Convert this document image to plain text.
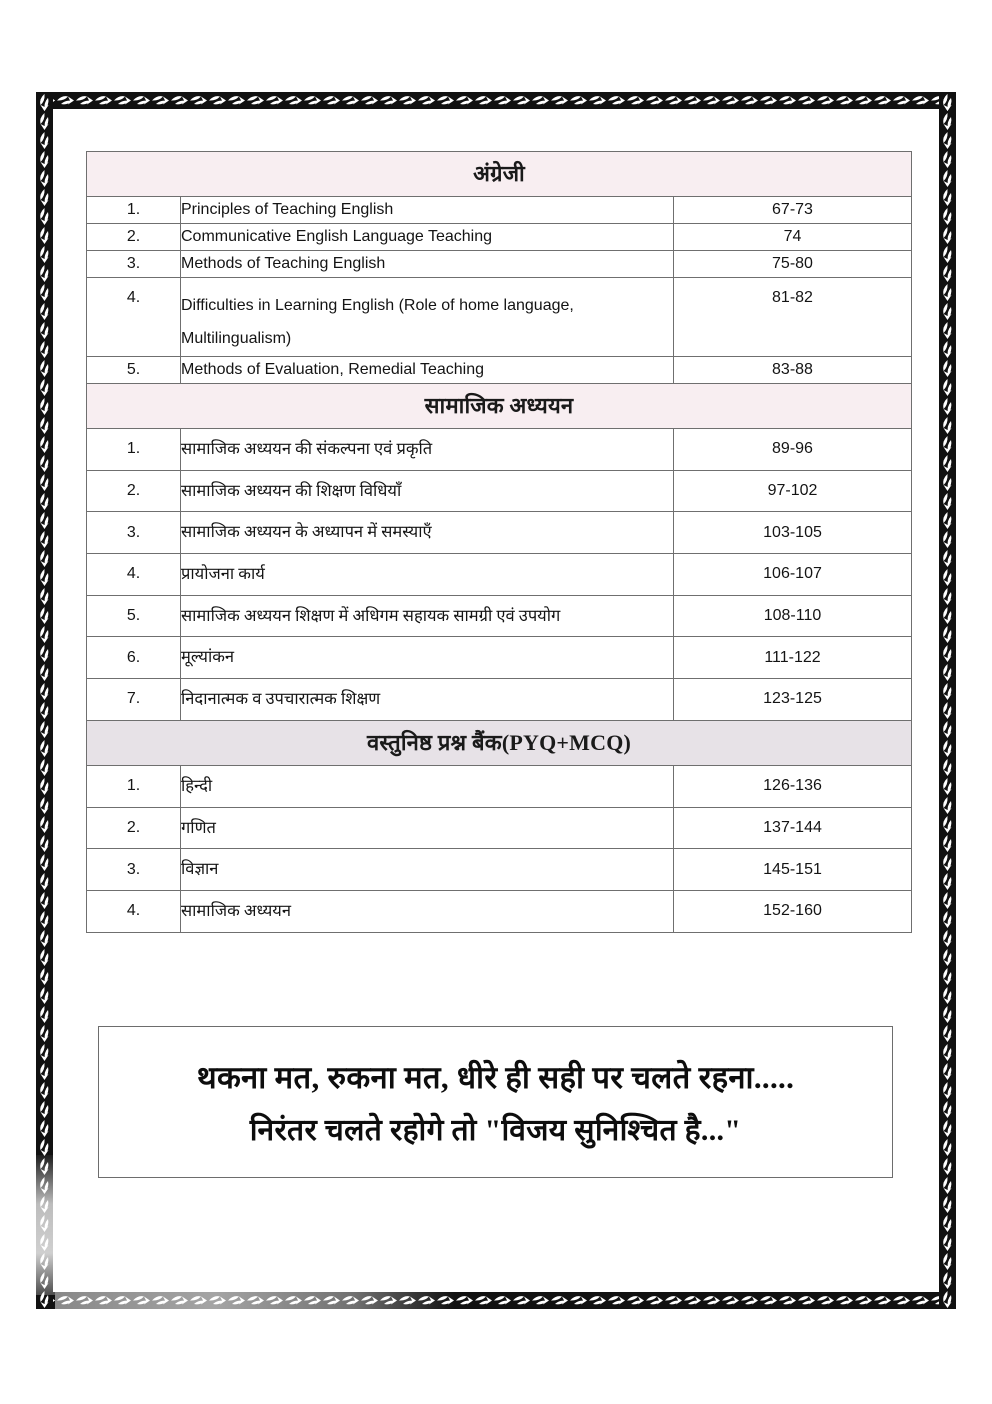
अंग्रेजी		
1.	Principles of Teaching English	67-73
2.	Communicative English Language Teaching	74
3.	Methods of Teaching English	75-80
4.	Difficulties in Learning English (Role of home language, Multilingualism)	81-82
5.	Methods of Evaluation, Remedial Teaching	83-88
सामाजिक अध्ययन		
1.	सामाजिक अध्ययन की संकल्पना एवं प्रकृति	89-96
2.	सामाजिक अध्ययन की शिक्षण विधियाँ	97-102
3.	सामाजिक अध्ययन के अध्यापन में समस्याएँ	103-105
4.	प्रायोजना कार्य	106-107
5.	सामाजिक अध्ययन शिक्षण में अधिगम सहायक सामग्री एवं उपयोग	108-110
6.	मूल्यांकन	111-122
7.	निदानात्मक व उपचारात्मक शिक्षण	123-125
वस्तुनिष्ठ प्रश्न बैंक(PYQ+MCQ)		
1.	हिन्दी	126-136
2.	गणित	137-144
3.	विज्ञान	145-151
4.	सामाजिक अध्ययन	152-160
थकना मत, रुकना मत, धीरे ही सही पर चलते रहना.....
निरंतर चलते रहोगे तो "विजय सुनिश्चित है..."
